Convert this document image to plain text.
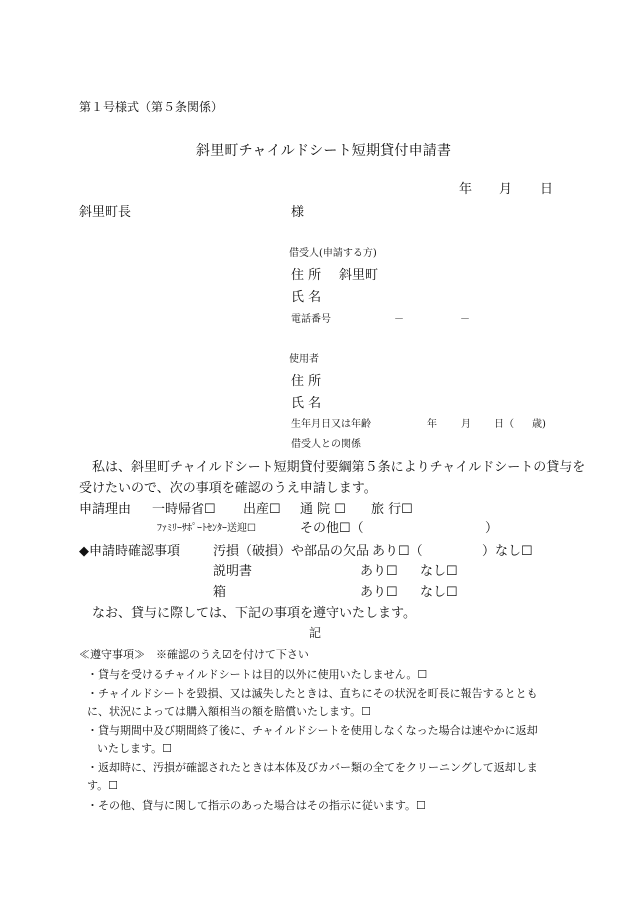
第１号様式（第５条関係）
斜里町チャイルドシート短期貸付申請書
年 月 日
斜里町長	様
借受人(申請する方)
住 所 斜里町
氏 名
電話番号	－	－
使用者
住 所
氏 名
生年月日又は年齢	年 月 日（ 歳)
借受人との関係
私は、斜里町チャイルドシート短期貸付要綱第５条によりチャイルドシートの貸与を
受けたいので、次の事項を確認のうえ申請します。
申請理由 一時帰省☐ 出産☐ 通 院 ☐ 旅 行☐
ﾌｧﾐﾘｰｻﾎﾟｰﾄｾﾝﾀｰ送迎☐	その他☐（	）
◆申請時確認事項	汚損（破損）や部品の欠品 あり☐（	）なし☐
説明書	あり☐ なし☐
箱	あり☐ なし☐
なお、貸与に際しては、下記の事項を遵守いたします。
記
≪遵守事項≫　※確認のうえ☑を付けて下さい
・貸与を受けるチャイルドシートは目的以外に使用いたしません。☐
・チャイルドシートを毀損、又は滅失したときは、直ちにその状況を町長に報告するととも
に、状況によっては購入額相当の額を賠償いたします。☐
・貸与期間中及び期間終了後に、チャイルドシートを使用しなくなった場合は速やかに返却
いたします。☐
・返却時に、汚損が確認されたときは本体及びカバー類の全てをクリーニングして返却しま
す。☐
・その他、貸与に関して指示のあった場合はその指示に従います。☐
